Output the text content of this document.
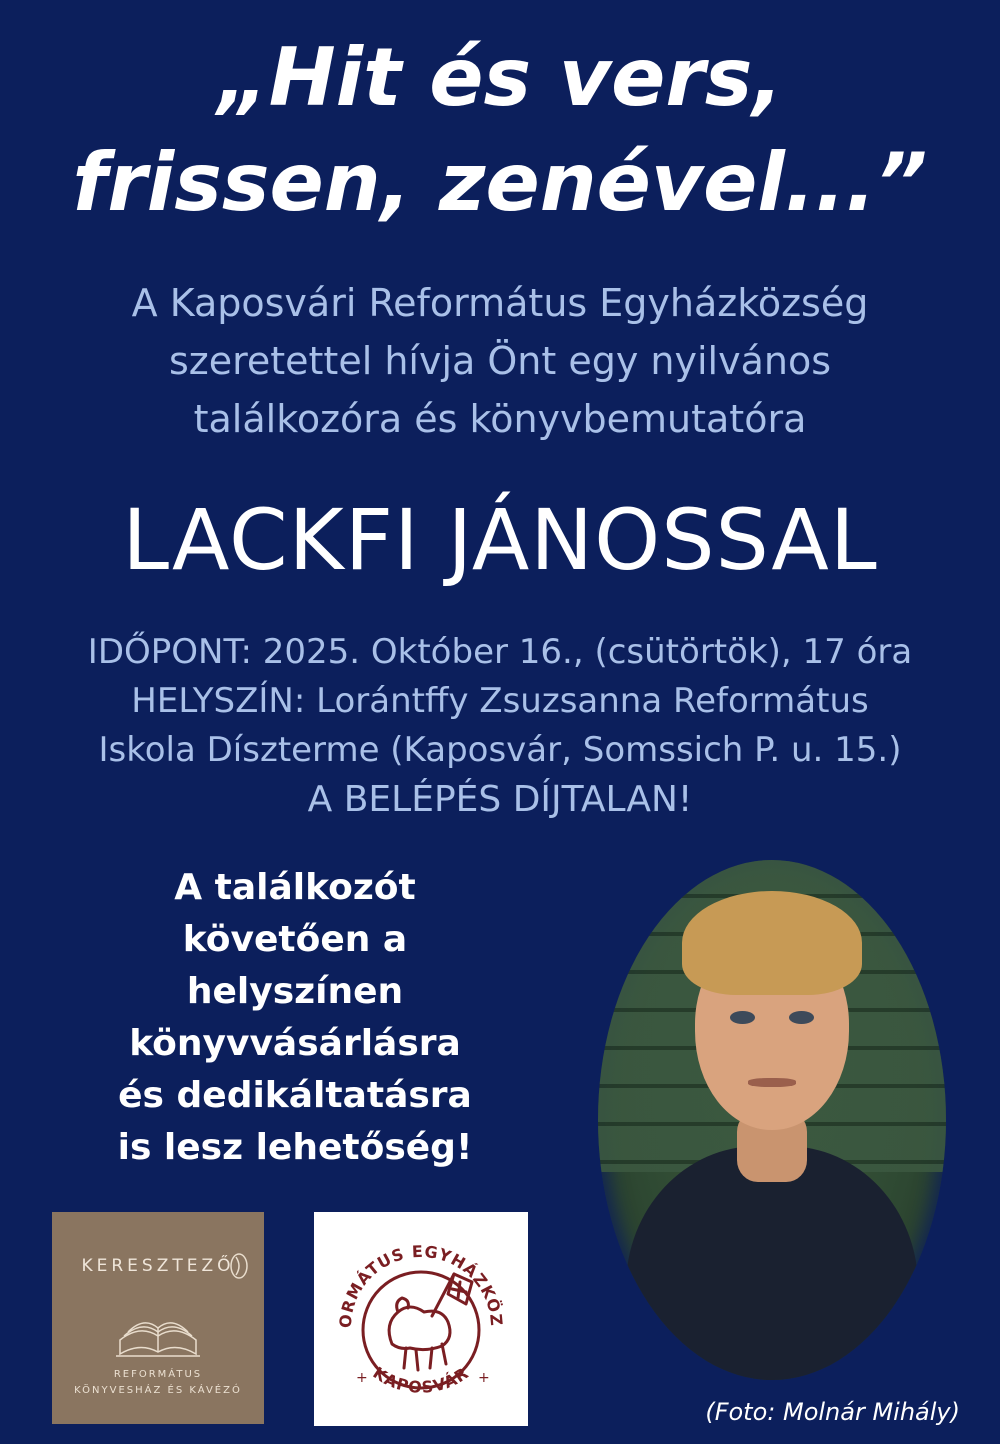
„Hit és vers,
frissen, zenével...”
A Kaposvári Református Egyházközség
szeretettel hívja Önt egy nyilvános
találkozóra és könyvbemutatóra
LACKFI JÁNOSSAL
IDŐPONT: 2025. Október 16., (csütörtök), 17 óra
HELYSZÍN: Lorántffy Zsuzsanna Református
Iskola Díszterme (Kaposvár, Somssich P. u. 15.)
A BELÉPÉS DÍJTALAN!
A találkozót
követően a
helyszínen
könyvvásárlásra
és dedikáltatásra
is lesz lehetőség!
KERESZTEZŐ
REFORMÁTUS
KÖNYVESHÁZ ÉS KÁVÉZÓ
ORMÁTUS EGYHÁZKÖZ
KAPOSVÁR
+	+
(Foto: Molnár Mihály)
